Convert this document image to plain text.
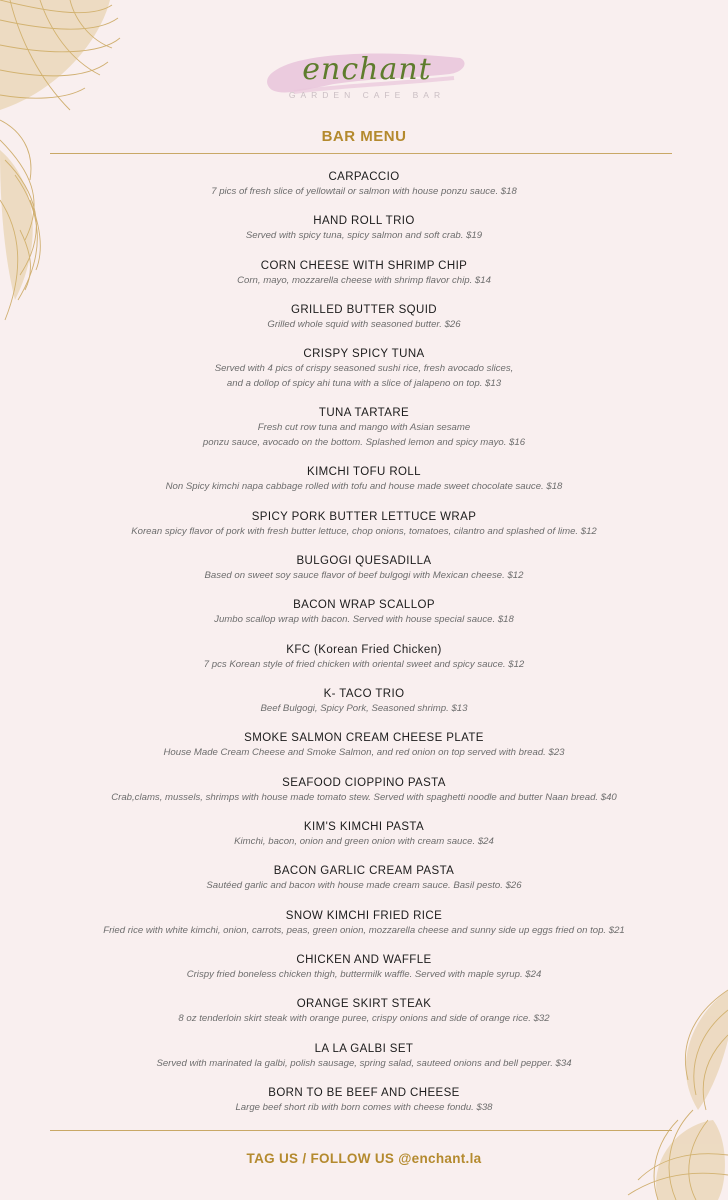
enchant
GARDEN CAFE BAR
BAR MENU
CARPACCIO
7 pics of fresh slice of yellowtail or salmon with house ponzu sauce. $18
HAND ROLL TRIO
Served with spicy tuna, spicy salmon and soft crab. $19
CORN CHEESE WITH SHRIMP CHIP
Corn, mayo, mozzarella cheese with shrimp flavor chip. $14
GRILLED BUTTER SQUID
Grilled whole squid with seasoned butter. $26
CRISPY SPICY TUNA
Served with 4 pics of crispy seasoned sushi rice, fresh avocado slices,
and a dollop of spicy ahi tuna with a slice of jalapeno on top. $13
TUNA TARTARE
Fresh cut row tuna and mango with Asian sesame
ponzu sauce, avocado on the bottom. Splashed lemon and spicy mayo. $16
KIMCHI TOFU ROLL
Non Spicy kimchi napa cabbage rolled with tofu and house made sweet chocolate sauce. $18
SPICY PORK BUTTER LETTUCE WRAP
Korean spicy flavor of pork with fresh butter lettuce, chop onions, tomatoes, cilantro and splashed of lime. $12
BULGOGI QUESADILLA
Based on sweet soy sauce flavor of beef bulgogi with Mexican cheese. $12
BACON WRAP SCALLOP
Jumbo scallop wrap with bacon. Served with house special sauce. $18
KFC (Korean Fried Chicken)
7 pcs Korean style of fried chicken with oriental sweet and spicy sauce. $12
K- TACO TRIO
Beef Bulgogi, Spicy Pork, Seasoned shrimp. $13
SMOKE SALMON CREAM CHEESE PLATE
House Made Cream Cheese and Smoke Salmon, and red onion on top served with bread. $23
SEAFOOD CIOPPINO PASTA
Crab,clams, mussels, shrimps with house made tomato stew. Served with spaghetti noodle and butter Naan bread. $40
KIM'S KIMCHI PASTA
Kimchi, bacon, onion and green onion with cream sauce. $24
BACON GARLIC CREAM PASTA
Sautéed garlic and bacon with house made cream sauce. Basil pesto. $26
SNOW KIMCHI FRIED RICE
Fried rice with white kimchi, onion, carrots, peas, green onion, mozzarella cheese and sunny side up eggs fried on top. $21
CHICKEN AND WAFFLE
Crispy fried boneless chicken thigh, buttermilk waffle. Served with maple syrup. $24
ORANGE SKIRT STEAK
8 oz tenderloin skirt steak with orange puree, crispy onions and side of orange rice. $32
LA LA GALBI SET
Served with marinated la galbi, polish sausage, spring salad, sauteed onions and bell pepper. $34
BORN TO BE BEEF AND CHEESE
Large beef short rib with born comes with cheese fondu. $38
TAG US / FOLLOW US @enchant.la
